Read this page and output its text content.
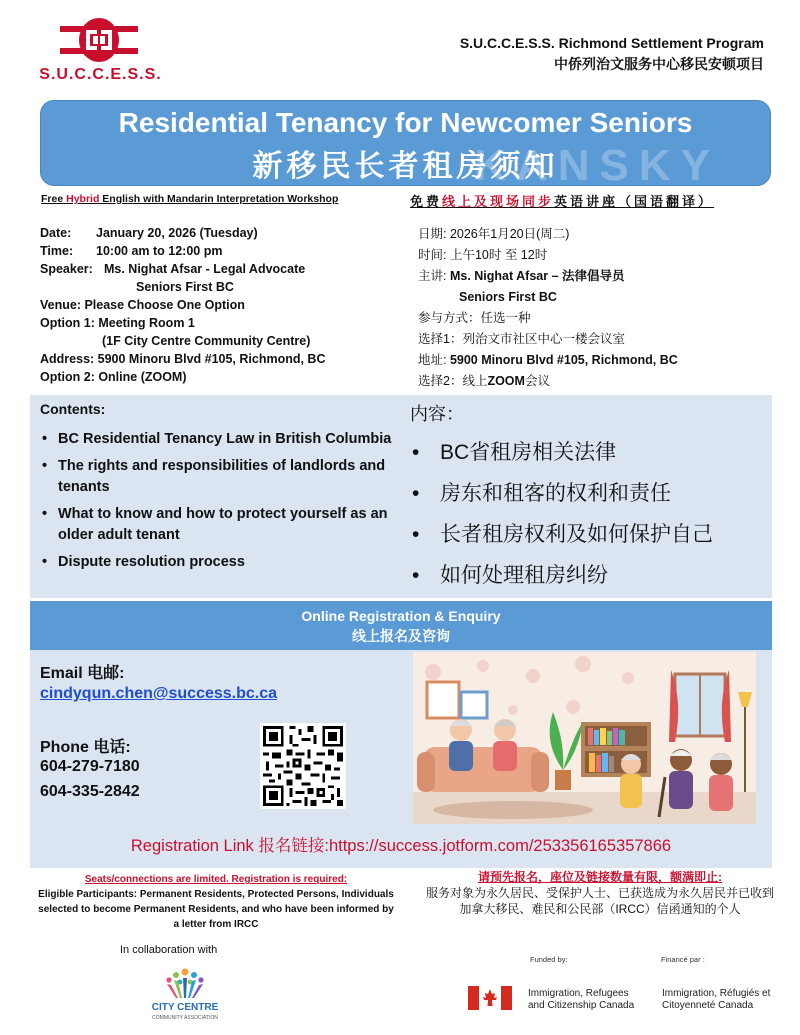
S.U.C.C.E.S.S.
S.U.C.C.E.S.S. Richmond Settlement Program
中侨列治文服务中心移民安顿项目
Residential Tenancy for Newcomer Seniors
新移民长者租房须知
KANSKY
Free Hybrid English with Mandarin Interpretation Workshop	免费线上及现场同步英语讲座（国语翻译）
Date: January 20, 2026 (Tuesday)
Time: 10:00 am to 12:00 pm
Speaker: Ms. Nighat Afsar - Legal Advocate
Seniors First BC
Venue: Please Choose One Option
Option 1: Meeting Room 1
(1F City Centre Community Centre)
Address: 5900 Minoru Blvd #105, Richmond, BC
Option 2: Online (ZOOM)
日期: 2026年1月20日(周二)
时间: 上午10时 至 12时
主讲: Ms. Nighat Afsar – 法律倡导员
Seniors First BC
参与方式：任选一种
选择1：列治文市社区中心一楼会议室
地址: 5900 Minoru Blvd #105, Richmond, BC
选择2：线上ZOOM会议
Contents:
• BC Residential Tenancy Law in British Columbia
• The rights and responsibilities of landlords and tenants
• What to know and how to protect yourself as an older adult tenant
• Dispute resolution process
内容：
• BC省租房相关法律
• 房东和租客的权利和责任
• 长者租房权利及如何保护自己
• 如何处理租房纠纷
Online Registration & Enquiry
线上报名及咨询
Email 电邮:
cindyqun.chen@success.bc.ca
Phone 电话:
604-279-7180
604-335-2842
Registration Link 报名链接:https://success.jotform.com/253356165357866
Seats/connections are limited. Registration is required:
Eligible Participants: Permanent Residents, Protected Persons, Individuals selected to become Permanent Residents, and who have been informed by a letter from IRCC
请预先报名，座位及链接数量有限，额满即止:
服务对象为永久居民、受保护人士、已获选成为永久居民并已收到加拿大移民、难民和公民部（IRCC）信函通知的个人
In collaboration with
CITY CENTRE
COMMUNITY ASSOCIATION
Funded by:	Financé par :
Immigration, Refugees and Citizenship Canada
Immigration, Réfugiés et Citoyenneté Canada
